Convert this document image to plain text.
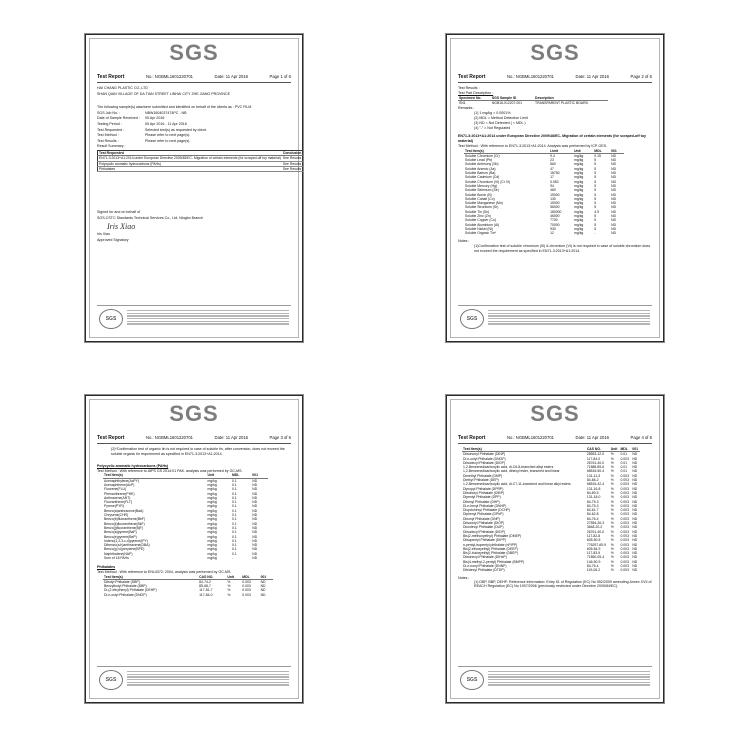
SGS
Test Report	No.: NGBML1601220701	Date: 11 Apr 2016	Page 1 of 6
HAI CHANG PLASTIC CO.,LTD
SHAN QIAN VILLAGE OF DA TIAN STREET LINHAI CITY ZHE JIANG PROVINCE
The following sample(s) was/were submitted and identified on behalf of the clients as : PVC FILM
SGS Job No. :	NBW1604037474PC - NB
Date of Sample Received :	05 Apr 2016
Testing Period :	05 Apr 2016 - 11 Apr 2016
Test Requested :	Selected test(s) as requested by client.
Test Method :	Please refer to next page(s).
Test Results :	Please refer to next page(s).
Result Summary :
Test Requested	Conclusion
EN71-3:2013+A1:2014 under European Directive 2009/48/EC- Migration of certain elements (for scraped-off toy material)	See Results
Polycyclic aromatic hydrocarbons (PAHs)	See Results
Phthalates	See Results
Signed for and on behalf of
SGS-CSTC Standards Technical Services Co., Ltd. Ningbo Branch
Iris Xiao
Iris Xiao
Approved Signatory
SGS
SGS
Test Report	No.: NGBML1601220701	Date: 11 Apr 2016	Page 2 of 6
Test Results :
Test Part Description :
Specimen No.	SGS Sample ID	Description
SN1	NGB16-012207.001	TRANSPARENT PLASTIC BOARD
Remarks :
(1) 1 mg/kg = 0.0001%
(2) MDL = Method Detection Limit
(3) ND = Not Detected ( < MDL )
(4) "-" = Not Regulated
EN71-3:2013+A1:2014 under European Directive 2009/48/EC- Migration of certain elements (for scraped-off toy material)
Test Method : With reference to EN71-3:2013+A1:2014. Analysis was performed by ICP-OES.
Test Item(s)	Limit	Unit	MDL	001
Soluble Chromium (Cr)	9.4	mg/kg	0.15	ND
Soluble Lead (Pb)	23	mg/kg	5	ND
Soluble Antimony (Sb)	560	mg/kg	5	ND
Soluble Arsenic (As)	47	mg/kg	5	ND
Soluble Barium (Ba)	18750	mg/kg	5	ND
Soluble Cadmium (Cd)	17	mg/kg	5	ND
Soluble Chromium (VI) (Cr VI)	0.053	mg/kg	5	ND
Soluble Mercury (Hg)	94	mg/kg	5	ND
Soluble Selenium (Se)	460	mg/kg	5	ND
Soluble Boron (B)	15000	mg/kg	5	ND
Soluble Cobalt (Co)	130	mg/kg	5	ND
Soluble Manganese (Mn)	15000	mg/kg	5	ND
Soluble Strontium (Sr)	56000	mg/kg	5	ND
Soluble Tin (Sn)	180000	mg/kg	4.9	ND
Soluble Zinc (Zn)	46000	mg/kg	5	ND
Soluble Copper (Cu)	7700	mg/kg	5	ND
Soluble Aluminium (Al)	70000	mg/kg	5	ND
Soluble Nickel (Ni)	930	mg/kg	5	ND
Soluble Organic Tin*	12	mg/kg	-	ND
Notes :
(1)Confirmation test of soluble chromium (III) & chromium (VI) is not required in case of soluble chromium does not exceed the requirement as specified in EN71-3:2013+A1:2014.
SGS
SGS
Test Report	No.: NGBML1601220701	Date: 11 Apr 2016	Page 3 of 6
(2)*Confirmation test of organic tin is not required in case of soluble tin, after conversion, does not exceed the soluble organic tin requirement as specified in EN71-3:2013+A1:2014.
Polycyclic aromatic hydrocarbons (PAHs)
Test Method : With reference to AfPS GS 2014:01 PAK. analysis was performed by GC-MS.
Test Item(s)	Unit	MDL	001
Acenaphthylene(AcPY)	mg/kg	0.1	ND
Acenaphthene(AcP)	mg/kg	0.1	ND
Fluorene(FLU)	mg/kg	0.1	ND
Phenanthrene(PHE)	mg/kg	0.1	ND
Anthracene(ANT)	mg/kg	0.1	ND
Fluoranthene(FLT)	mg/kg	0.1	ND
Pyrene(PYR)	mg/kg	0.1	ND
Benzo(a)anthracene(BaA)	mg/kg	0.1	ND
Chrysene(CHR)	mg/kg	0.1	ND
Benzo(b)fluoranthene(BbF)	mg/kg	0.1	ND
Benzo(k)fluoranthene(BkF)	mg/kg	0.1	ND
Benzo(j)fluoranthene(BjF)	mg/kg	0.1	ND
Benzo(a)pyrene(BaP)	mg/kg	0.1	ND
Benzo(e)pyrene(BeP)	mg/kg	0.1	ND
Indeno(1,2,3-c,d)pyrene(IPY)	mg/kg	0.1	ND
Dibenzo(a,h)anthracene(DBA)	mg/kg	0.1	ND
Benzo(g,h,i)perylene(BPE)	mg/kg	0.1	ND
Naphthalene(NAP)	mg/kg	0.1	ND
Sum of 18 PAHs	mg/kg	-	ND
Phthalates
Test Method : With reference to EN14372: 2004, analysis was performed by GC-MS.
Test Item(s)	CAS NO.	Unit	MDL	001
Dibutyl Phthalate (DBP)	84-74-2	%	0.003	ND
Benzylbutyl Phthalate (BBP)	85-68-7	%	0.003	ND
Di-(2-ethylhexyl) Phthalate (DEHP)	117-81-7	%	0.003	ND
Di-n-octyl Phthalate (DNOP)	117-84-0	%	0.003	ND
SGS
SGS
Test Report	No.: NGBML1601220701	Date: 11 Apr 2016	Page 4 of 6
Test Item(s)	CAS NO.	Unit	MDL	001
Diisononyl Phthalate (DINP)	28553-12-0	%	0.01	ND
Di-n-octyl Phthalate (DNOP)	117-84-0	%	0.003	ND
Diisodecyl Phthalate (DIDP)	26761-40-0	%	0.01	ND
1,2-Benzenedicarboxylic acid, di-C6-8-branched alkyl esters	71888-89-6	%	0.01	ND
1,2-Benzenedicarboxylic acid, dihexyl ester, branched and linear	68515-50-4	%	0.01	ND
Dimethyl Phthalate (DMP)	131-11-3	%	0.003	ND
Diethyl Phthalate (DEP)	84-66-2	%	0.003	ND
1,2-Benzenedicarboxylic acid, di-C7-11-branched and linear alkyl esters	68515-42-4	%	0.003	ND
Dipropyl Phthalate (DPRP)	131-16-8	%	0.003	ND
Diisobutyl Phthalate (DIBP)	84-69-5	%	0.003	ND
Dipentyl Phthalate (DPP)	131-18-0	%	0.003	ND
Dihexyl Phthalate (DHP)	84-75-3	%	0.003	ND
Di-n-hexyl Phthalate (DNHP)	84-75-3	%	0.003	ND
Dicyclohexyl Phthalate (DCHP)	84-61-7	%	0.003	ND
Diphenyl Phthalate (DPhP)	84-62-8	%	0.003	ND
Dinonyl Phthalate (DNP)	84-76-4	%	0.003	ND
Diisooctyl Phthalate (DIOP)	27554-26-3	%	0.003	ND
Diundecyl Phthalate (DUP)	3648-20-2	%	0.003	ND
Diisodecyl Phthalate (DIDP)	26761-40-0	%	0.003	ND
Bis(2-methoxyethyl) Phthalate (DMEP)	117-82-8	%	0.003	ND
Diisopentyl Phthalate (DIPP)	605-50-5	%	0.003	ND
n-pentyl-isopentyl phthalate (nPIPP)	776297-69-9	%	0.003	ND
Bis(2-ethoxyethyl) Phthalate (DEEP)	605-54-9	%	0.003	ND
Bis(2-butoxyethyl) Phthalate (DBEP)	117-83-9	%	0.003	ND
Diisohexyl Phthalate (DIHxP)	71850-09-4	%	0.003	ND
Bis(4-methyl-2-pentyl) Phthalate (BMPP)	146-50-9	%	0.003	ND
Di-n-nonyl Phthalate (DNNP)	84-76-4	%	0.003	ND
Ditridecyl Phthalate (DTDP)	119-06-2	%	0.003	ND
Notes :
(1) DBP, BBP, DEHP: Reference information: Entry 51 of Regulation (EC) No 552/2009 amending Annex XVII of REACH Regulation (EC) No 1907/2006 (previously restricted under Directive 2005/84/EC).
SGS
